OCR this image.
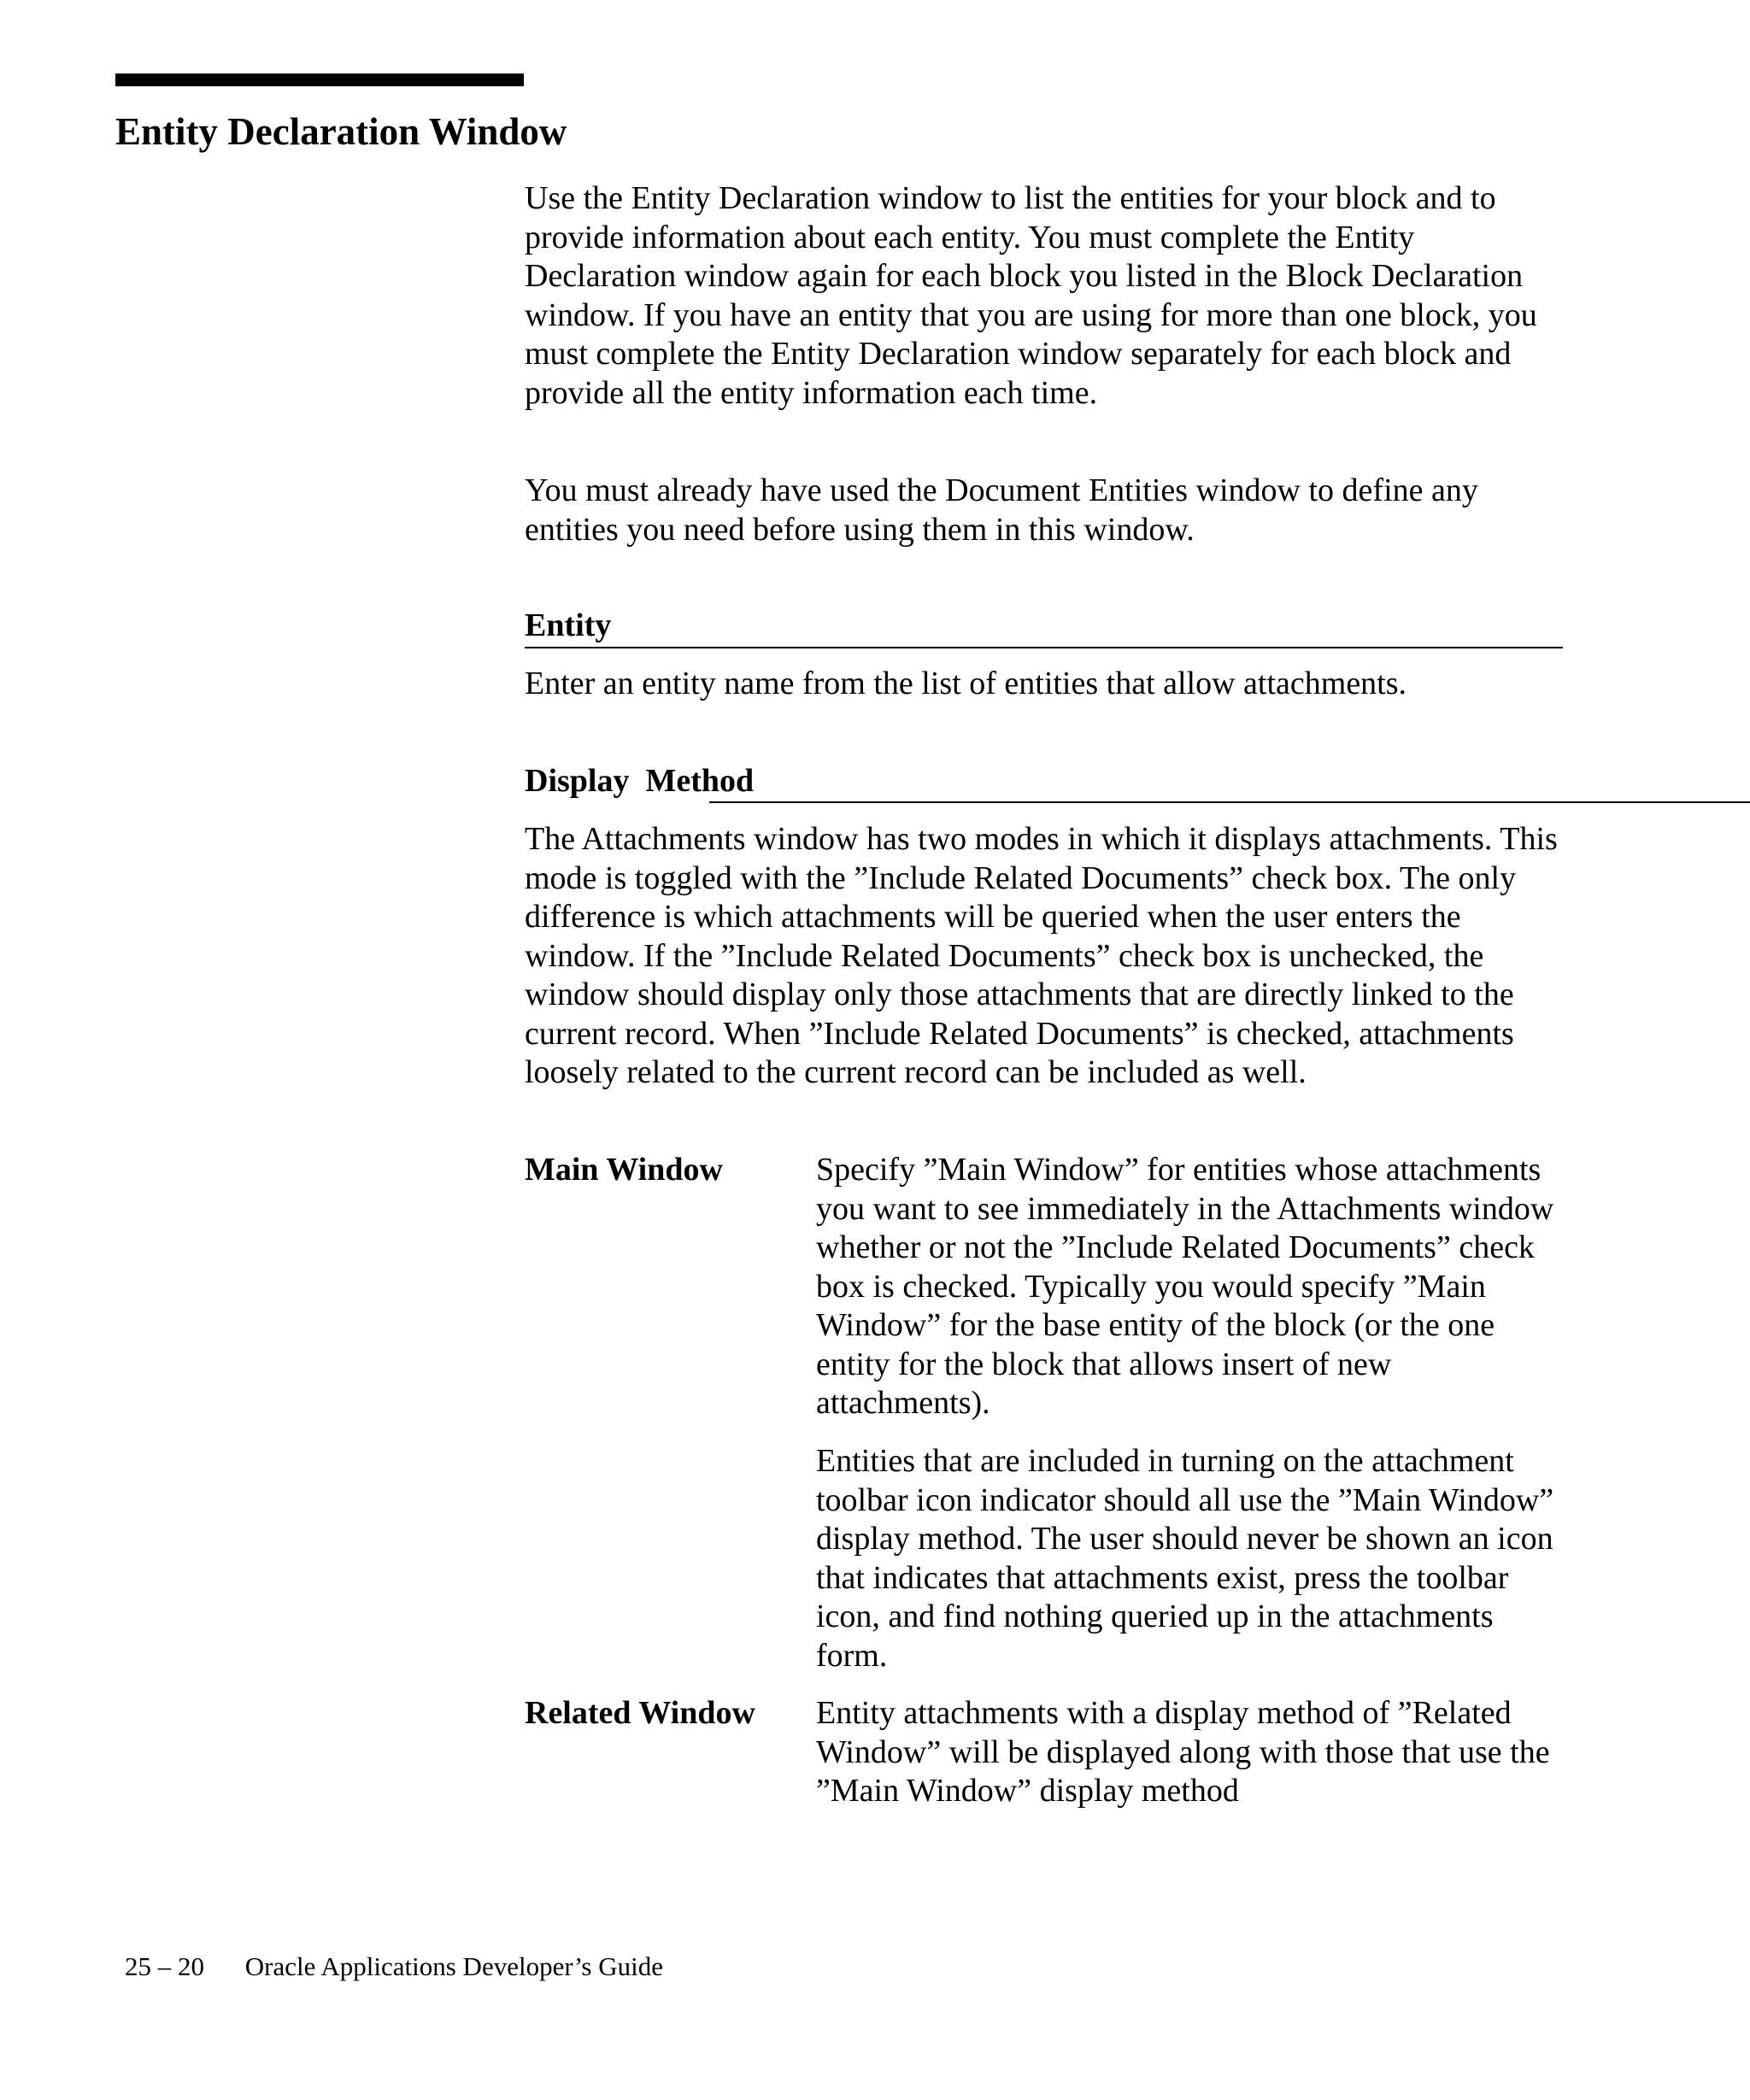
Entity Declaration Window

Use the Entity Declaration window to list the entities for your block and to provide information about each entity. You must complete the Entity Declaration window again for each block you listed in the Block Declaration window. If you have an entity that you are using for more than one block, you must complete the Entity Declaration window separately for each block and provide all the entity information each time.

You must already have used the Document Entities window to define any entities you need before using them in this window.

Entity

Enter an entity name from the list of entities that allow attachments.

Display  Method

The Attachments window has two modes in which it displays attachments. This mode is toggled with the ”Include Related Documents” check box. The only difference is which attachments will be queried when the user enters the window. If the ”Include Related Documents” check box is unchecked, the window should display only those attachments that are directly linked to the current record. When ”Include Related Documents” is checked, attachments loosely related to the current record can be included as well.

Main Window	Specify ”Main Window” for entities whose attachments you want to see immediately in the Attachments window whether or not the ”Include Related Documents” check box is checked. Typically you would specify ”Main Window” for the base entity of the block (or the one entity for the block that allows insert of new attachments).

Entities that are included in turning on the attachment toolbar icon indicator should all use the ”Main Window” display method. The user should never be shown an icon that indicates that attachments exist, press the toolbar icon, and find nothing queried up in the attachments form.

Related Window Entity attachments with a display method of ”Related Window” will be displayed along with those that use the ”Main Window” display method

25 – 20 Oracle Applications Developer’s Guide
